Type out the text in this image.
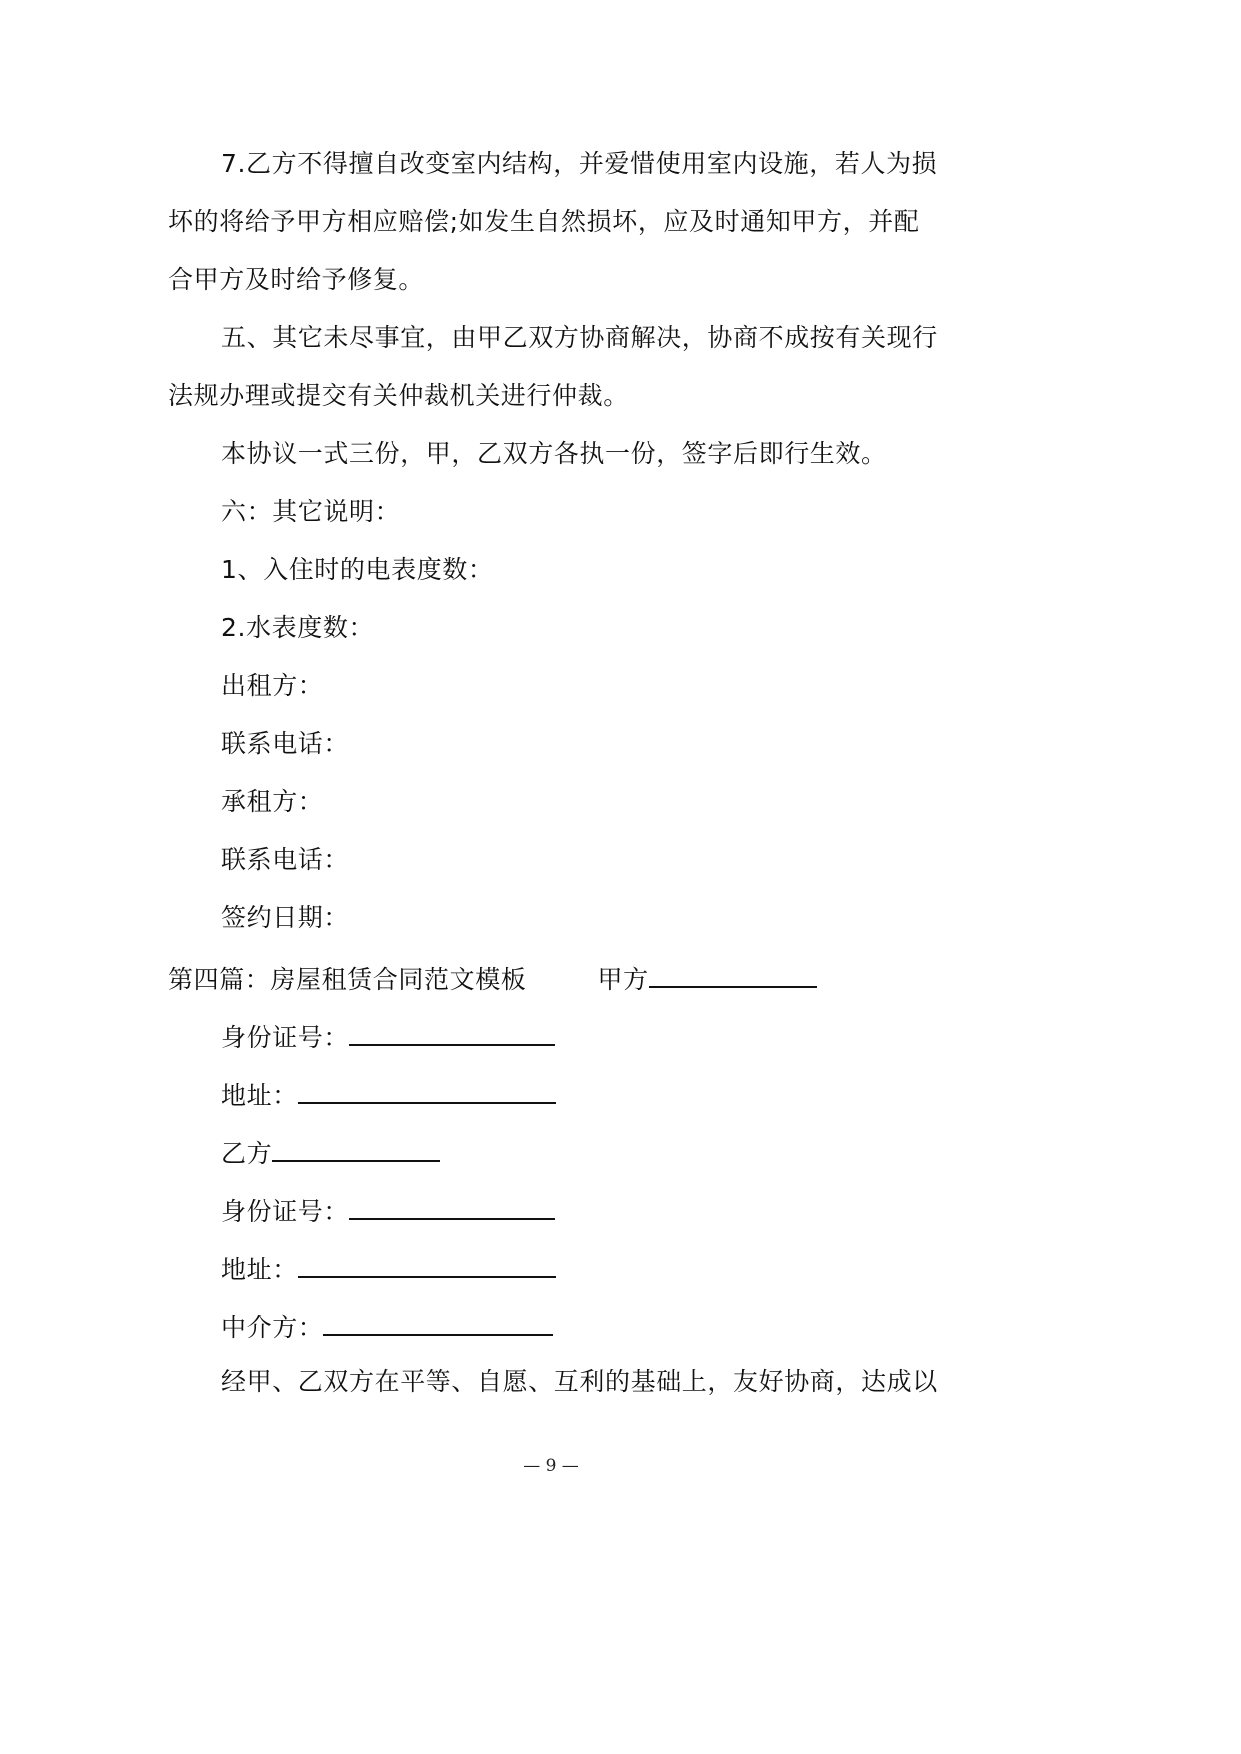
7.乙方不得擅自改变室内结构，并爱惜使用室内设施，若人为损
坏的将给予甲方相应赔偿;如发生自然损坏，应及时通知甲方，并配
合甲方及时给予修复。
五、其它未尽事宜，由甲乙双方协商解决，协商不成按有关现行
法规办理或提交有关仲裁机关进行仲裁。
本协议一式三份，甲，乙双方各执一份，签字后即行生效。
六：其它说明：
1、入住时的电表度数：
2.水表度数：
出租方：
联系电话：
承租方：
联系电话：
签约日期：
第四篇：房屋租赁合同范文模板	甲方
身份证号：
地址：
乙方
身份证号：
地址：
中介方：
经甲、乙双方在平等、自愿、互利的基础上，友好协商，达成以
— 9 —
